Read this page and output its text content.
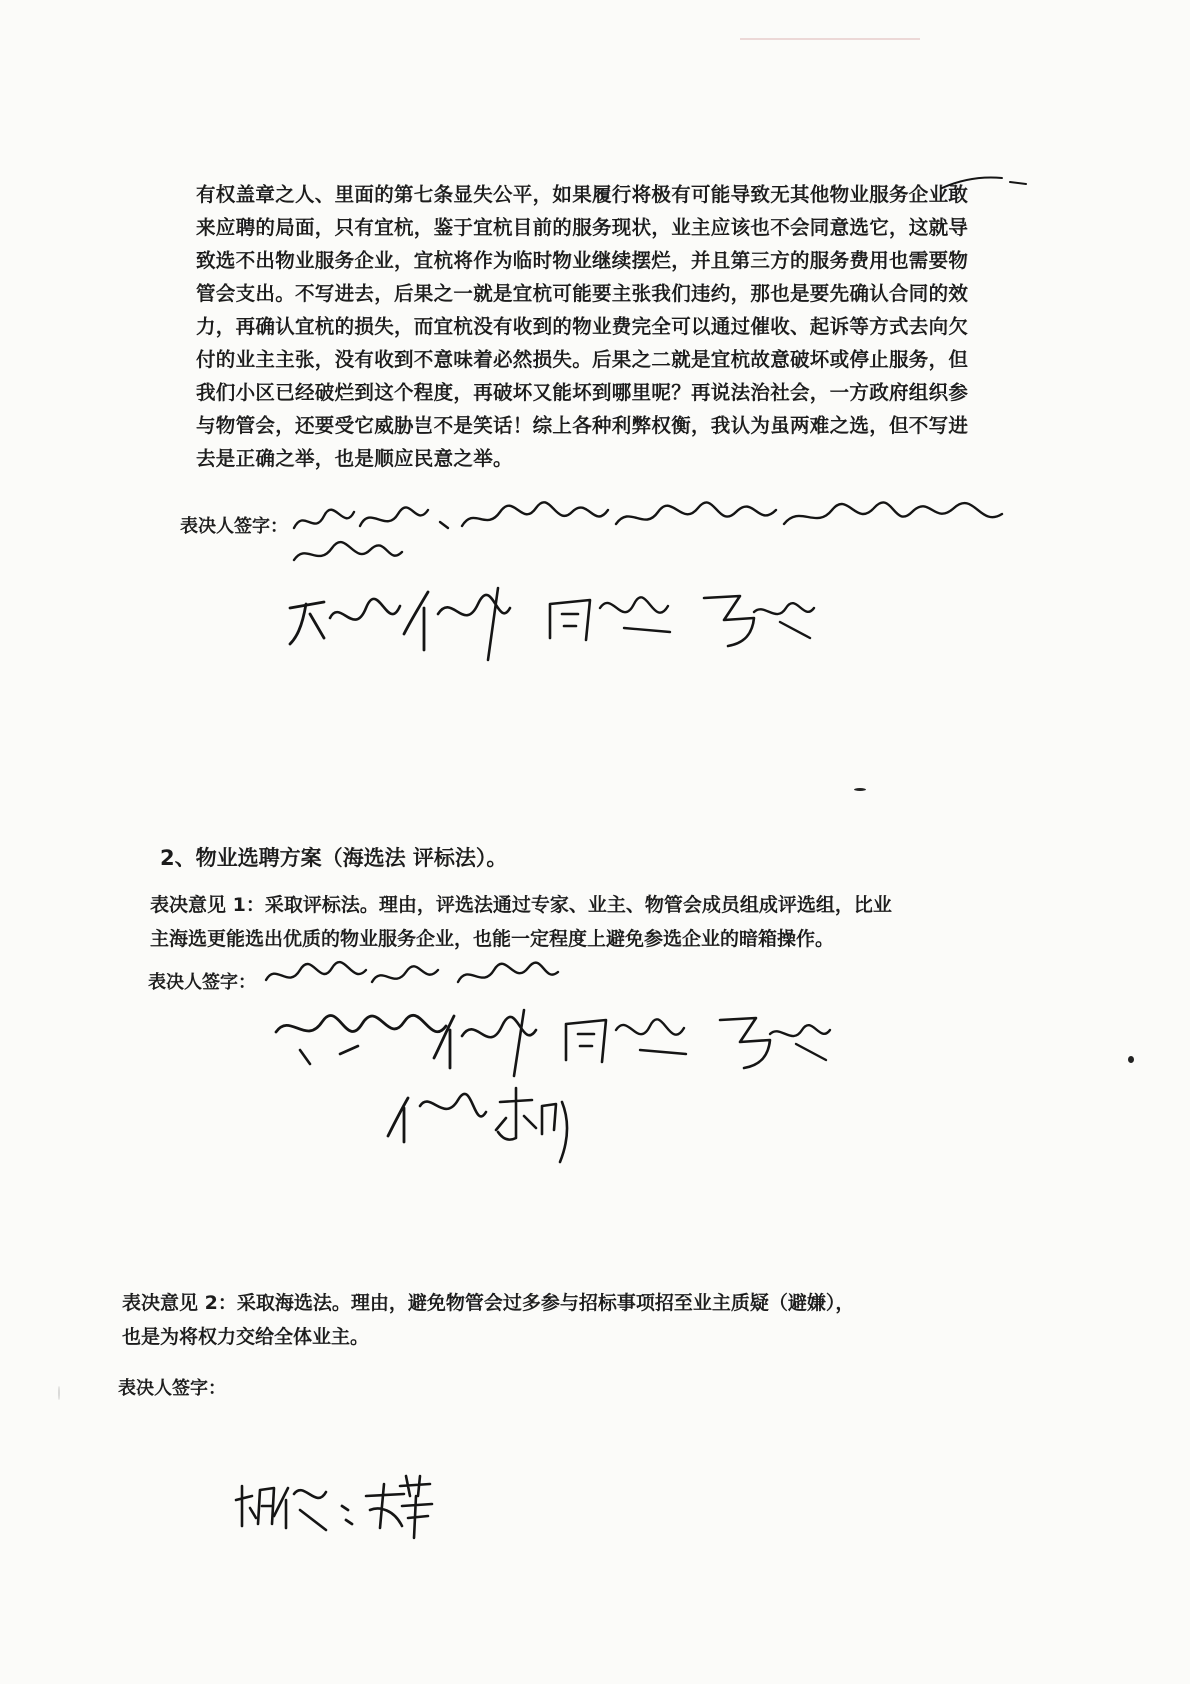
有权盖章之人、里面的第七条显失公平，如果履行将极有可能导致无其他物业服务企业敢
来应聘的局面，只有宜杭，鉴于宜杭目前的服务现状，业主应该也不会同意选它，这就导
致选不出物业服务企业，宜杭将作为临时物业继续摆烂，并且第三方的服务费用也需要物
管会支出。不写进去，后果之一就是宜杭可能要主张我们违约，那也是要先确认合同的效
力，再确认宜杭的损失，而宜杭没有收到的物业费完全可以通过催收、起诉等方式去向欠
付的业主主张，没有收到不意味着必然损失。后果之二就是宜杭故意破坏或停止服务，但
我们小区已经破烂到这个程度，再破坏又能坏到哪里呢？再说法治社会，一方政府组织参
与物管会，还要受它威胁岂不是笑话！综上各种利弊权衡，我认为虽两难之选，但不写进
去是正确之举，也是顺应民意之举。
表决人签字：
2、物业选聘方案（海选法 评标法）。
表决意见 1：采取评标法。理由，评选法通过专家、业主、物管会成员组成评选组，比业
主海选更能选出优质的物业服务企业，也能一定程度上避免参选企业的暗箱操作。
表决人签字：
表决意见 2：采取海选法。理由，避免物管会过多参与招标事项招至业主质疑（避嫌），
也是为将权力交给全体业主。
表决人签字：
